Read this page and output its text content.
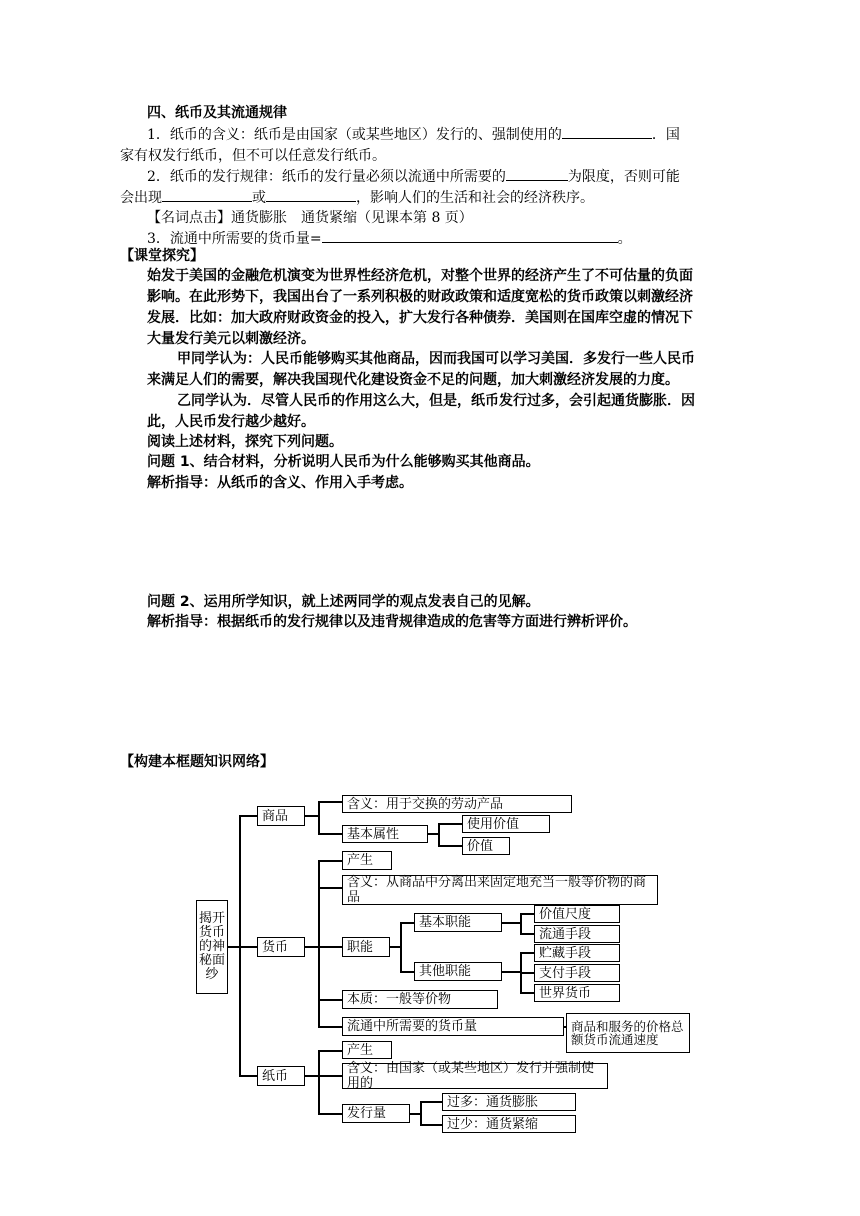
四、纸币及其流通规律
1．纸币的含义：纸币是由国家（或某些地区）发行的、强制使用的	．国
家有权发行纸币，但不可以任意发行纸币。
2．纸币的发行规律：纸币的发行量必须以流通中所需要的	为限度，否则可能
会出现	或	，影响人们的生活和社会的经济秩序。
【名词点击】通货膨胀　通货紧缩（见课本第 8 页）
3．流通中所需要的货币量=	。
【课堂探究】
始发于美国的金融危机演变为世界性经济危机，对整个世界的经济产生了不可估量的负面
影响。在此形势下，我国出台了一系列积极的财政政策和适度宽松的货币政策以刺激经济
发展．比如：加大政府财政资金的投入，扩大发行各种债券．美国则在国库空虚的情况下
大量发行美元以刺激经济。
甲同学认为：人民币能够购买其他商品，因而我国可以学习美国．多发行一些人民币
来满足人们的需要，解决我国现代化建设资金不足的问题，加大刺激经济发展的力度。
乙同学认为．尽管人民币的作用这么大，但是，纸币发行过多，会引起通货膨胀．因
此，人民币发行越少越好。
阅读上述材料，探究下列问题。
问题 1、结合材料，分析说明人民币为什么能够购买其他商品。
解析指导：从纸币的含义、作用入手考虑。
问题 2、运用所学知识，就上述两同学的观点发表自己的见解。
解析指导：根据纸币的发行规律以及违背规律造成的危害等方面进行辨析评价。
【构建本框题知识网络】
揭开货币的神秘面纱
商品
含义：用于交换的劳动产品
基本属性
使用价值
价值
货币
产生
含义：从商品中分离出来固定地充当一般等价物的商品
职能
基本职能
其他职能
价值尺度
流通手段
贮藏手段
支付手段
世界货币
本质：一般等价物
流通中所需要的货币量	商品和服务的价格总额货币流通速度
纸币
产生
含义：由国家（或某些地区）发行并强制使用的
发行量
过多：通货膨胀
过少：通货紧缩
